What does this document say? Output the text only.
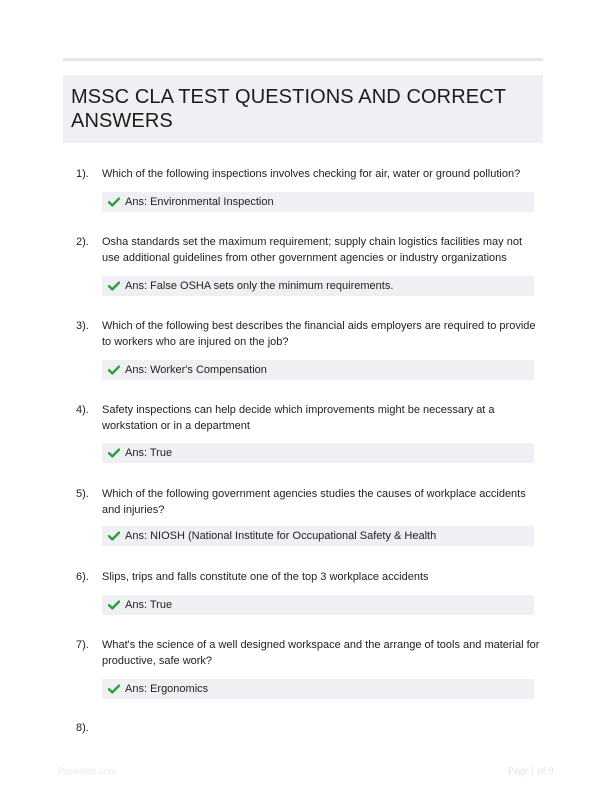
MSSC CLA TEST QUESTIONS AND CORRECT ANSWERS
1). Which of the following inspections involves checking for air, water or ground pollution?
Ans: Environmental Inspection
2). Osha standards set the maximum requirement; supply chain logistics facilities may not use additional guidelines from other government agencies or industry organizations
Ans: False OSHA sets only the minimum requirements.
3). Which of the following best describes the financial aids employers are required to provide to workers who are injured on the job?
Ans: Worker's Compensation
4). Safety inspections can help decide which improvements might be necessary at a workstation or in a department
Ans: True
5). Which of the following government agencies studies the causes of workplace accidents and injuries?
Ans: NIOSH (National Institute for Occupational Safety & Health
6). Slips, trips and falls constitute one of the top 3 workplace accidents
Ans: True
7). What's the science of a well designed workspace and the arrange of tools and material for productive, safe work?
Ans: Ergonomics
8).
Paperbite.com	Page 1 of 9
